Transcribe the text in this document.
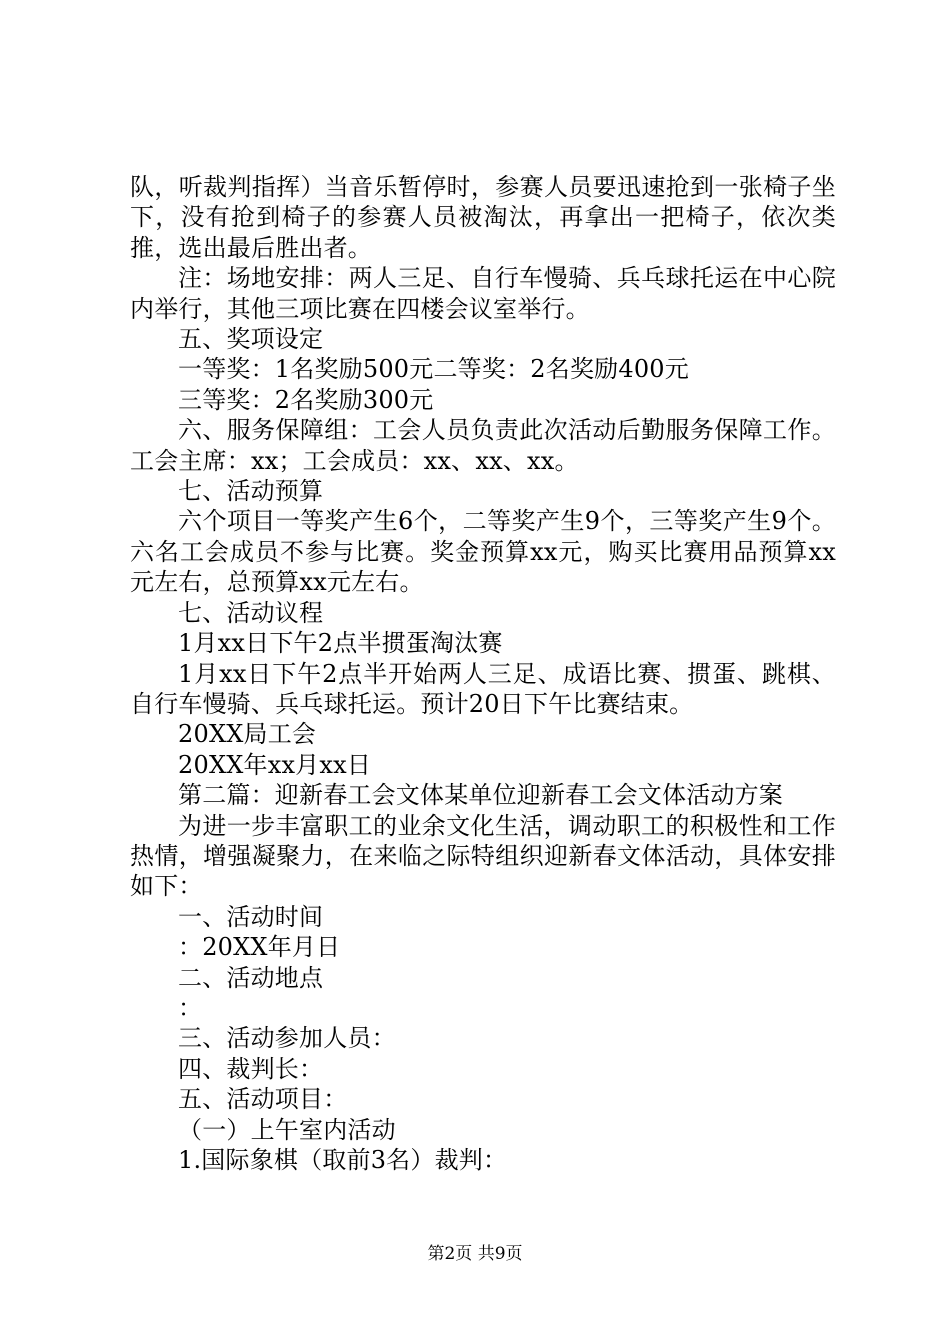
队，听裁判指挥）当音乐暂停时，参赛人员要迅速抢到一张椅子坐下，没有抢到椅子的参赛人员被淘汰，再拿出一把椅子，依次类推，选出最后胜出者。

注：场地安排：两人三足、自行车慢骑、兵乓球托运在中心院内举行，其他三项比赛在四楼会议室举行。

五、奖项设定

一等奖：1名奖励500元二等奖：2名奖励400元

三等奖：2名奖励300元

六、服务保障组：工会人员负责此次活动后勤服务保障工作。工会主席：xx；工会成员：xx、xx、xx。

七、活动预算

六个项目一等奖产生6个，二等奖产生9个，三等奖产生9个。六名工会成员不参与比赛。奖金预算xx元，购买比赛用品预算xx元左右，总预算xx元左右。

七、活动议程

1月xx日下午2点半掼蛋淘汰赛

1月xx日下午2点半开始两人三足、成语比赛、掼蛋、跳棋、自行车慢骑、兵乓球托运。预计20日下午比赛结束。

20XX局工会

20XX年xx月xx日

第二篇：迎新春工会文体某单位迎新春工会文体活动方案

为进一步丰富职工的业余文化生活，调动职工的积极性和工作热情，增强凝聚力，在来临之际特组织迎新春文体活动，具体安排如下：

一、活动时间

：20XX年月日

二、活动地点

：

三、活动参加人员：

四、裁判长：

五、活动项目：

（一）上午室内活动

1.国际象棋（取前3名）裁判：

第2页 共9页
